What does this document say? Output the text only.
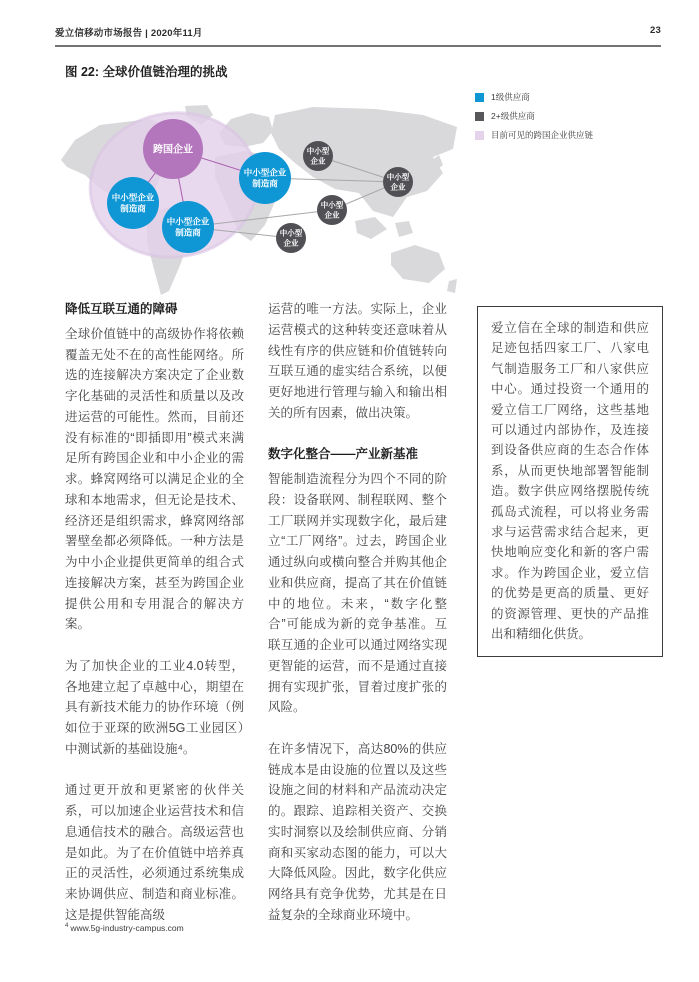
爱立信移动市场报告 | 2020年11月	23
图 22: 全球价值链治理的挑战
1级供应商
2+级供应商
目前可见的跨国企业供应链
跨国企业
中小型企业制造商
中小型企业制造商
中小型企业制造商
中小型企业
中小型企业
中小型企业
中小型企业
降低互联互通的障碍

全球价值链中的高级协作将依赖覆盖无处不在的高性能网络。所选的连接解决方案决定了企业数字化基础的灵活性和质量以及改进运营的可能性。然而，目前还没有标准的“即插即用”模式来满足所有跨国企业和中小企业的需求。蜂窝网络可以满足企业的全球和本地需求，但无论是技术、经济还是组织需求，蜂窝网络部署壁垒都必须降低。一种方法是为中小企业提供更简单的组合式连接解决方案，甚至为跨国企业提供公用和专用混合的解决方案。

为了加快企业的工业4.0转型，各地建立起了卓越中心，期望在具有新技术能力的协作环境（例如位于亚琛的欧洲5G工业园区）中测试新的基础设施⁴。

通过更开放和更紧密的伙伴关系，可以加速企业运营技术和信息通信技术的融合。高级运营也是如此。为了在价值链中培养真正的灵活性，必须通过系统集成来协调供应、制造和商业标准。这是提供智能高级

运营的唯一方法。实际上，企业运营模式的这种转变还意味着从线性有序的供应链和价值链转向互联互通的虚实结合系统，以便更好地进行管理与输入和输出相关的所有因素，做出决策。

数字化整合——产业新基准

智能制造流程分为四个不同的阶段：设备联网、制程联网、整个工厂联网并实现数字化，最后建立“工厂网络”。过去，跨国企业通过纵向或横向整合并购其他企业和供应商，提高了其在价值链中的地位。未来，“数字化整合”可能成为新的竞争基准。互联互通的企业可以通过网络实现更智能的运营，而不是通过直接拥有实现扩张，冒着过度扩张的风险。

在许多情况下，高达80%的供应链成本是由设施的位置以及这些设施之间的材料和产品流动决定的。跟踪、追踪相关资产、交换实时洞察以及绘制供应商、分销商和买家动态图的能力，可以大大降低风险。因此，数字化供应网络具有竞争优势，尤其是在日益复杂的全球商业环境中。

爱立信在全球的制造和供应足迹包括四家工厂、八家电气制造服务工厂和八家供应中心。通过投资一个通用的爱立信工厂网络，这些基地可以通过内部协作，及连接到设备供应商的生态合作体系，从而更快地部署智能制造。数字供应网络摆脱传统孤岛式流程，可以将业务需求与运营需求结合起来，更快地响应变化和新的客户需求。作为跨国企业，爱立信的优势是更高的质量、更好的资源管理、更快的产品推出和精细化供货。

$^4$ www.5g-industry-campus.com
